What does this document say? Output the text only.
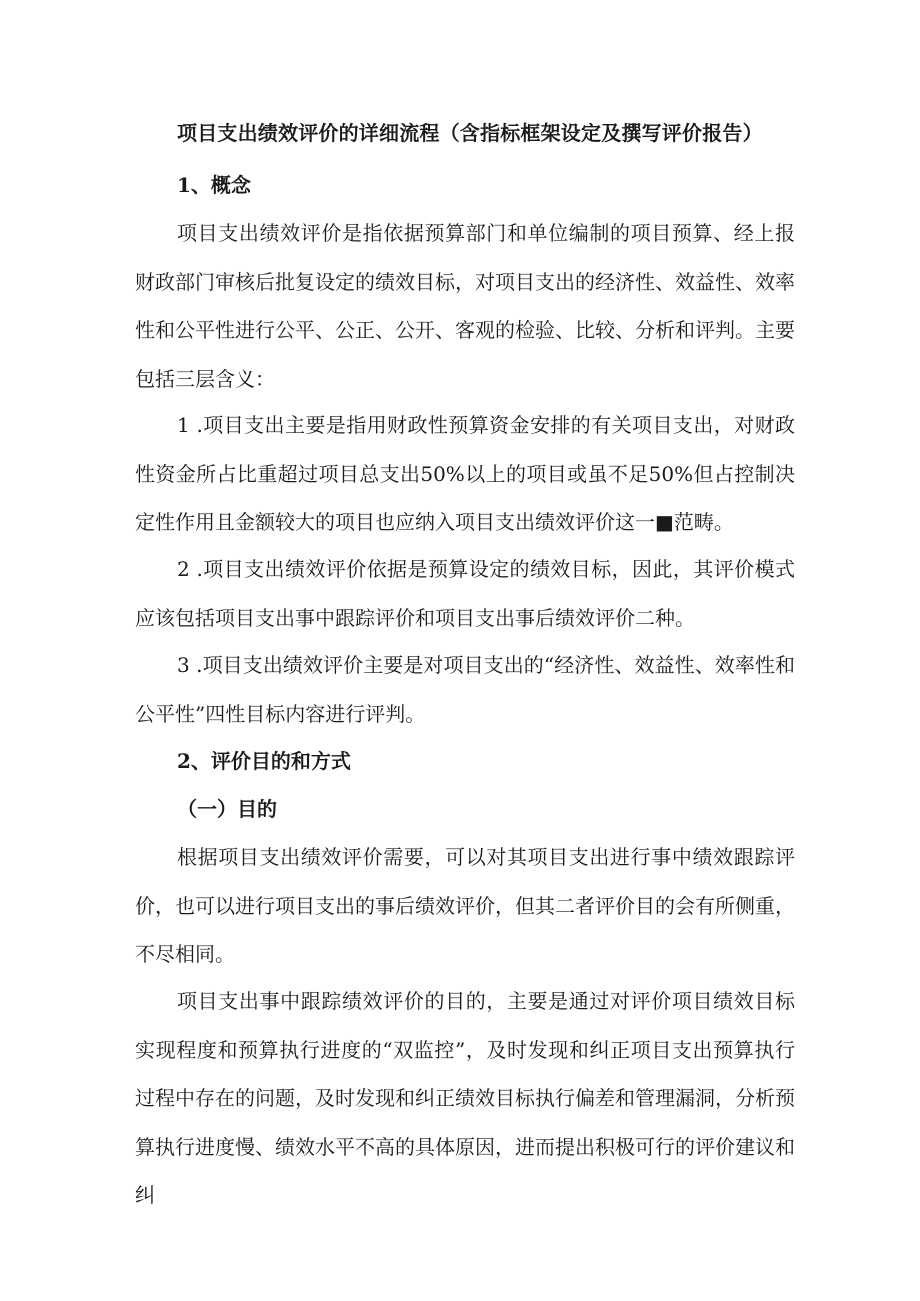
项目支出绩效评价的详细流程（含指标框架设定及撰写评价报告）
1、概念

项目支出绩效评价是指依据预算部门和单位编制的项目预算、经上报财政部门审核后批复设定的绩效目标，对项目支出的经济性、效益性、效率性和公平性进行公平、公正、公开、客观的检验、比较、分析和评判。主要包括三层含义：

1 .项目支出主要是指用财政性预算资金安排的有关项目支出，对财政性资金所占比重超过项目总支出50%以上的项目或虽不足50%但占控制决定性作用且金额较大的项目也应纳入项目支出绩效评价这一■范畴。

2 .项目支出绩效评价依据是预算设定的绩效目标，因此，其评价模式应该包括项目支出事中跟踪评价和项目支出事后绩效评价二种。

3 .项目支出绩效评价主要是对项目支出的“经济性、效益性、效率性和公平性”四性目标内容进行评判。

2、评价目的和方式
（一）目的

根据项目支出绩效评价需要，可以对其项目支出进行事中绩效跟踪评价，也可以进行项目支出的事后绩效评价，但其二者评价目的会有所侧重，不尽相同。

项目支出事中跟踪绩效评价的目的，主要是通过对评价项目绩效目标实现程度和预算执行进度的“双监控”，及时发现和纠正项目支出预算执行过程中存在的问题，及时发现和纠正绩效目标执行偏差和管理漏洞，分析预算执行进度慢、绩效水平不高的具体原因，进而提出积极可行的评价建议和纠
